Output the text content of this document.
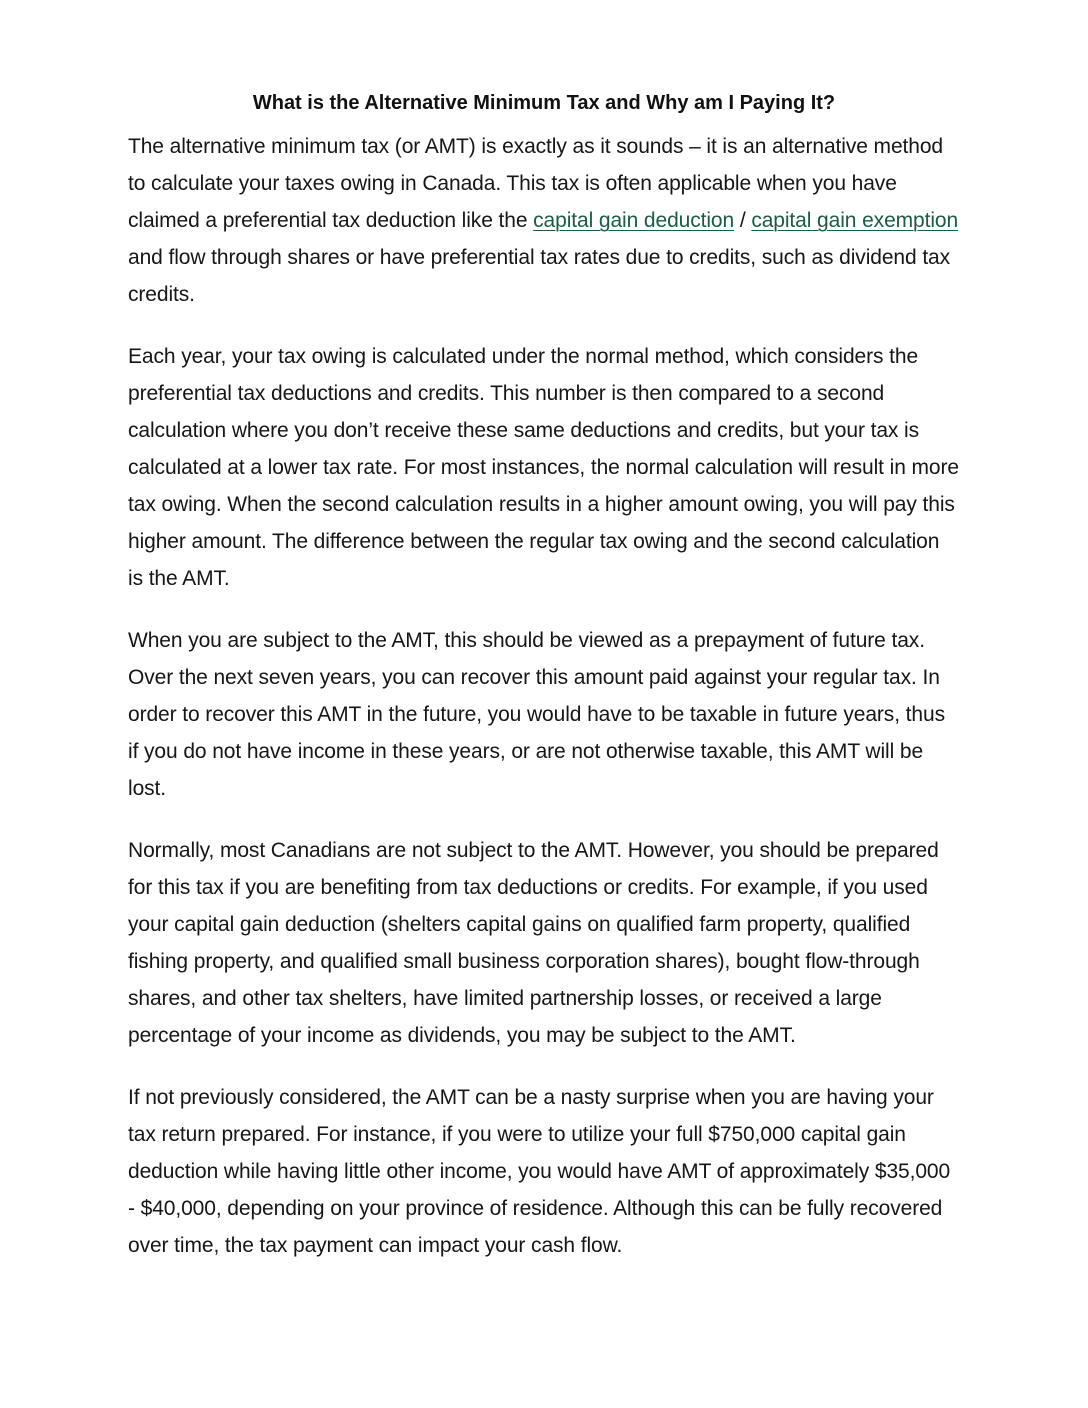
What is the Alternative Minimum Tax and Why am I Paying It?

The alternative minimum tax (or AMT) is exactly as it sounds – it is an alternative method to calculate your taxes owing in Canada. This tax is often applicable when you have claimed a preferential tax deduction like the capital gain deduction / capital gain exemption and flow through shares or have preferential tax rates due to credits, such as dividend tax credits.

Each year, your tax owing is calculated under the normal method, which considers the preferential tax deductions and credits. This number is then compared to a second calculation where you don’t receive these same deductions and credits, but your tax is calculated at a lower tax rate. For most instances, the normal calculation will result in more tax owing. When the second calculation results in a higher amount owing, you will pay this higher amount. The difference between the regular tax owing and the second calculation is the AMT.

When you are subject to the AMT, this should be viewed as a prepayment of future tax. Over the next seven years, you can recover this amount paid against your regular tax. In order to recover this AMT in the future, you would have to be taxable in future years, thus if you do not have income in these years, or are not otherwise taxable, this AMT will be lost.

Normally, most Canadians are not subject to the AMT. However, you should be prepared for this tax if you are benefiting from tax deductions or credits. For example, if you used your capital gain deduction (shelters capital gains on qualified farm property, qualified fishing property, and qualified small business corporation shares), bought flow-through shares, and other tax shelters, have limited partnership losses, or received a large percentage of your income as dividends, you may be subject to the AMT.

If not previously considered, the AMT can be a nasty surprise when you are having your tax return prepared. For instance, if you were to utilize your full $750,000 capital gain deduction while having little other income, you would have AMT of approximately $35,000 - $40,000, depending on your province of residence. Although this can be fully recovered over time, the tax payment can impact your cash flow.
